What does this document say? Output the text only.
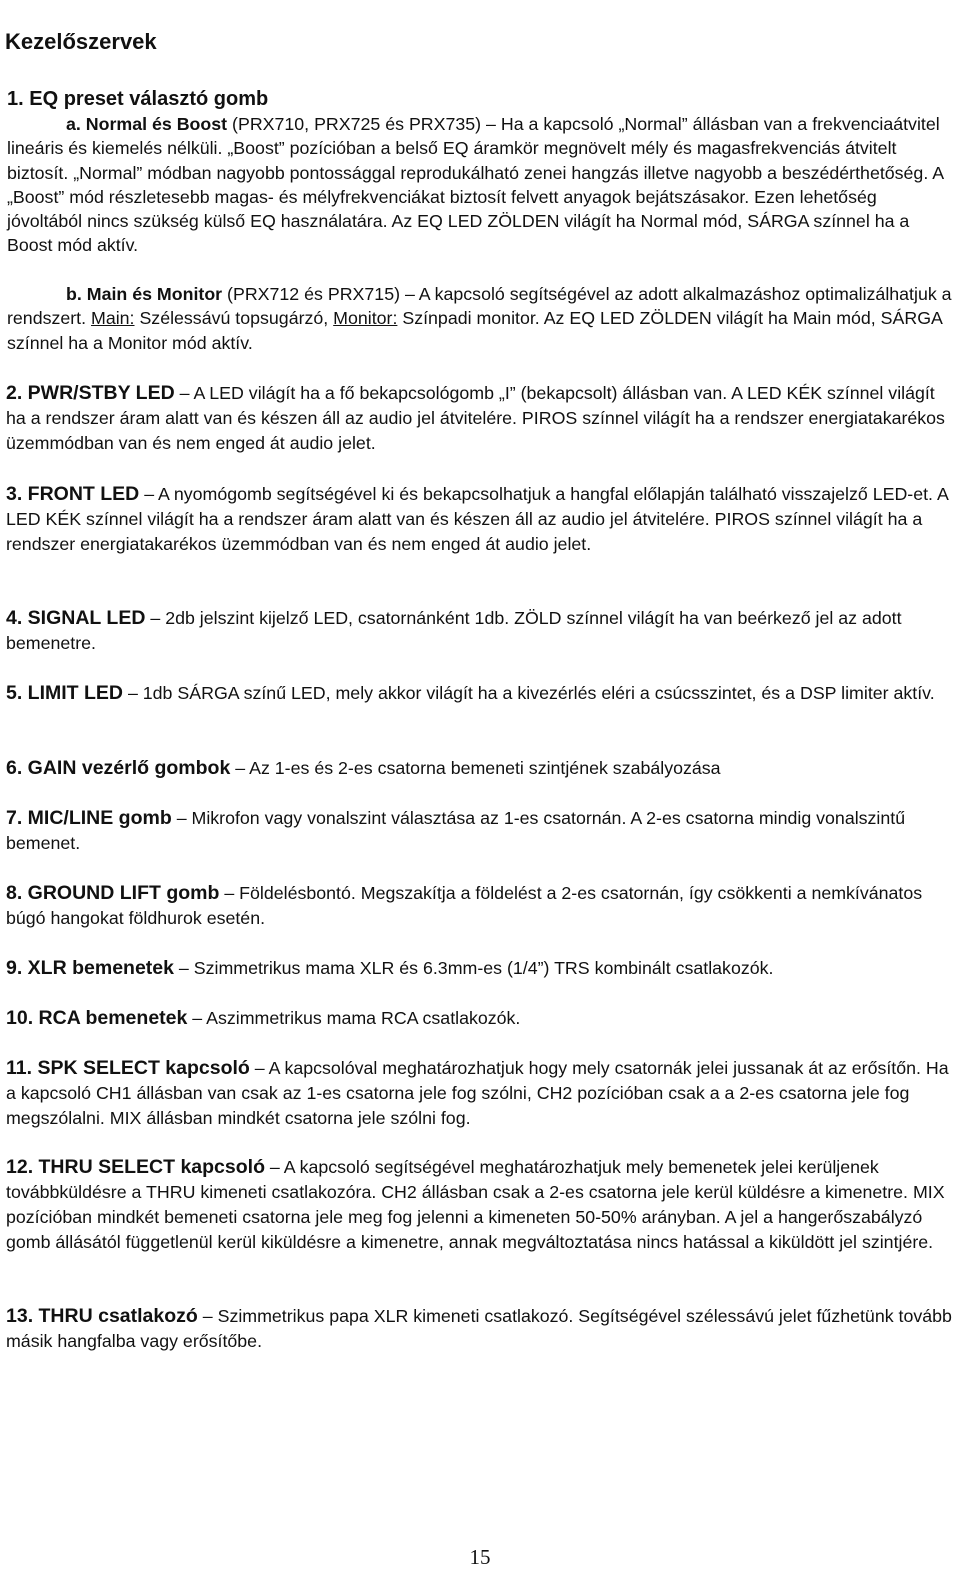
Kezelőszervek
1. EQ preset választó gomb

a. Normal és Boost (PRX710, PRX725 és PRX735) – Ha a kapcsoló „Normal” állásban van a frekvenciaátvitel lineáris és kiemelés nélküli. „Boost” pozícióban a belső EQ áramkör megnövelt mély és magasfrekvenciás átvitelt biztosít. „Normal” módban nagyobb pontossággal reprodukálható zenei hangzás illetve nagyobb a beszédérthetőség. A „Boost” mód részletesebb magas- és mélyfrekvenciákat biztosít felvett anyagok bejátszásakor. Ezen lehetőség jóvoltából nincs szükség külső EQ használatára. Az EQ LED ZÖLDEN világít ha Normal mód, SÁRGA színnel ha a Boost mód aktív.

b. Main és Monitor (PRX712 és PRX715) – A kapcsoló segítségével az adott alkalmazáshoz optimalizálhatjuk a rendszert. Main: Szélessávú topsugárzó, Monitor: Színpadi monitor. Az EQ LED ZÖLDEN világít ha Main mód, SÁRGA színnel ha a Monitor mód aktív.

2. PWR/STBY LED – A LED világít ha a fő bekapcsológomb „I” (bekapcsolt) állásban van. A LED KÉK színnel világít ha a rendszer áram alatt van és készen áll az audio jel átvitelére. PIROS színnel világít ha a rendszer energiatakarékos üzemmódban van és nem enged át audio jelet.

3. FRONT LED – A nyomógomb segítségével ki és bekapcsolhatjuk a hangfal előlapján található visszajelző LED-et. A LED KÉK színnel világít ha a rendszer áram alatt van és készen áll az audio jel átvitelére. PIROS színnel világít ha a rendszer energiatakarékos üzemmódban van és nem enged át audio jelet.

4. SIGNAL LED – 2db jelszint kijelző LED, csatornánként 1db. ZÖLD színnel világít ha van beérkező jel az adott bemenetre.

5. LIMIT LED – 1db SÁRGA színű LED, mely akkor világít ha a kivezérlés eléri a csúcsszintet, és a DSP limiter aktív.

6. GAIN vezérlő gombok – Az 1-es és 2-es csatorna bemeneti szintjének szabályozása

7. MIC/LINE gomb – Mikrofon vagy vonalszint választása az 1-es csatornán. A 2-es csatorna mindig vonalszintű bemenet.

8. GROUND LIFT gomb – Földelésbontó. Megszakítja a földelést a 2-es csatornán, így csökkenti a nemkívánatos búgó hangokat földhurok esetén.

9. XLR bemenetek – Szimmetrikus mama XLR és 6.3mm-es (1/4”) TRS kombinált csatlakozók.

10. RCA bemenetek – Aszimmetrikus mama RCA csatlakozók.

11. SPK SELECT kapcsoló – A kapcsolóval meghatározhatjuk hogy mely csatornák jelei jussanak át az erősítőn. Ha a kapcsoló CH1 állásban van csak az 1-es csatorna jele fog szólni, CH2 pozícióban csak a a 2-es csatorna jele fog megszólalni. MIX állásban mindkét csatorna jele szólni fog.

12. THRU SELECT kapcsoló – A kapcsoló segítségével meghatározhatjuk mely bemenetek jelei kerüljenek továbbküldésre a THRU kimeneti csatlakozóra. CH2 állásban csak a 2-es csatorna jele kerül küldésre a kimenetre. MIX pozícióban mindkét bemeneti csatorna jele meg fog jelenni a kimeneten 50-50% arányban. A jel a hangerőszabályzó gomb állásától függetlenül kerül kiküldésre a kimenetre, annak megváltoztatása nincs hatással a kiküldött jel szintjére.

13. THRU csatlakozó – Szimmetrikus papa XLR kimeneti csatlakozó. Segítségével szélessávú jelet fűzhetünk tovább másik hangfalba vagy erősítőbe.

15
